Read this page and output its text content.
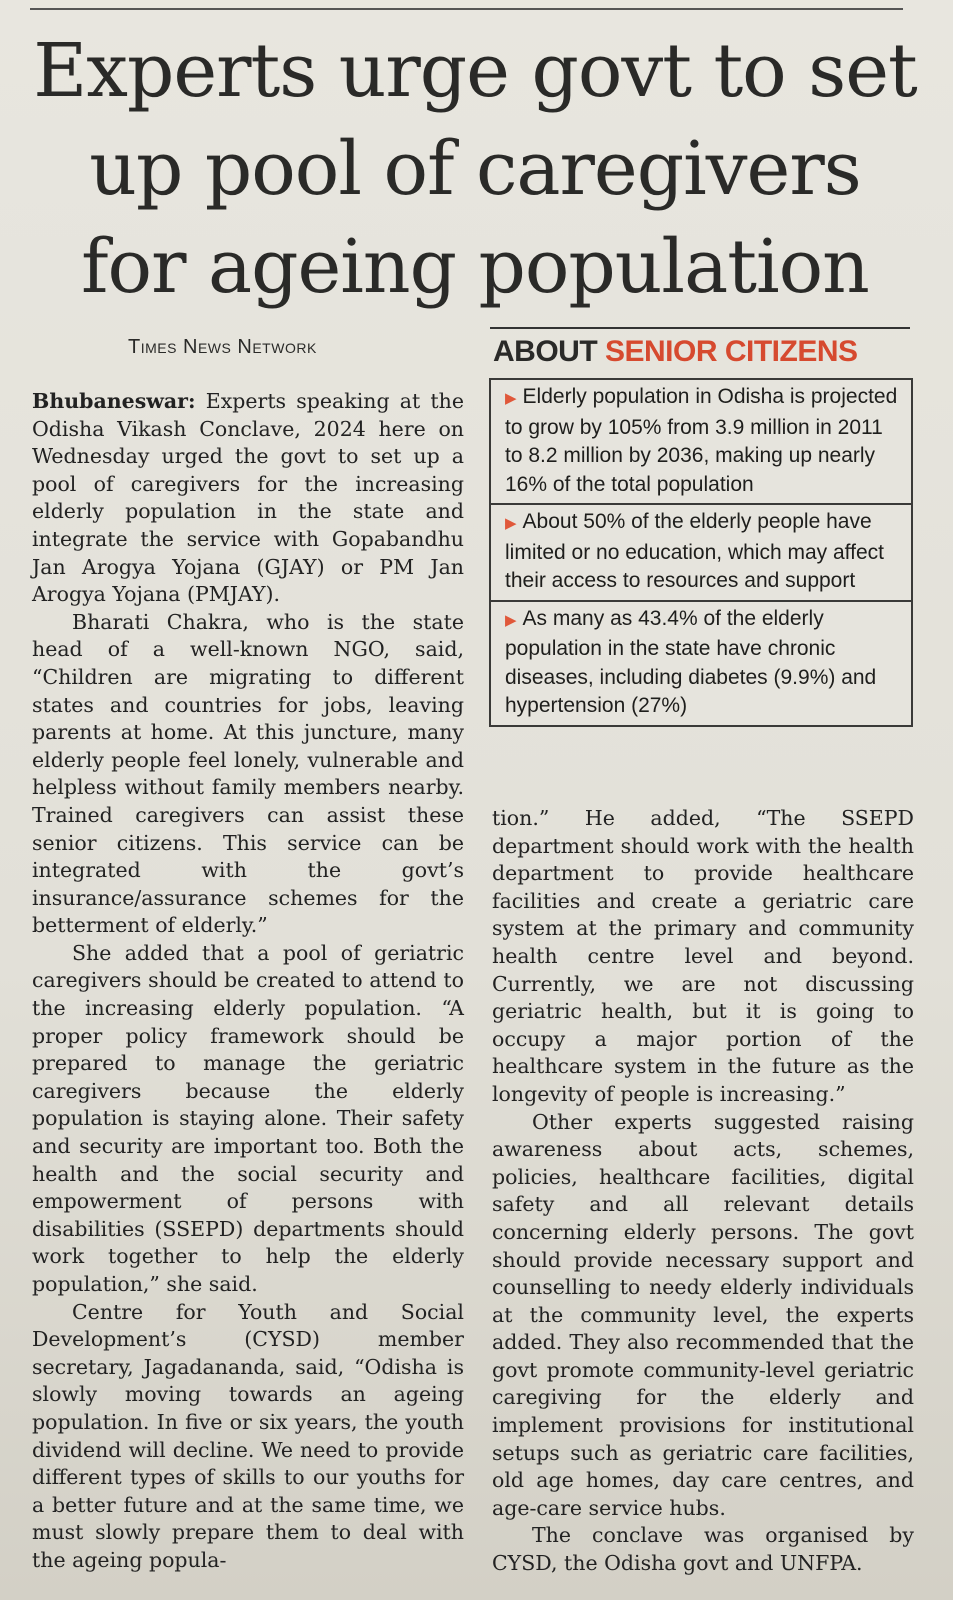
Experts urge govt to set
up pool of caregivers
for ageing population
Times News Network	ABOUT SENIOR CITIZENS
▶ Elderly population in Odisha is projected to grow by 105% from 3.9 million in 2011 to 8.2 million by 2036, making up nearly 16% of the total population
▶ About 50% of the elderly people have limited or no education, which may affect their access to resources and support
▶ As many as 43.4% of the elderly population in the state have chronic diseases, including diabetes (9.9%) and hypertension (27%)

Bhubaneswar: Experts speaking at the Odisha Vikash Conclave, 2024 here on Wednesday urged the govt to set up a pool of caregivers for the increasing elderly population in the state and integrate the service with Gopabandhu Jan Arogya Yojana (GJAY) or PM Jan Arogya Yojana (PMJAY).

Bharati Chakra, who is the state head of a well-known NGO, said, “Children are migrating to different states and countries for jobs, leaving parents at home. At this juncture, many elderly people feel lonely, vulnerable and helpless without family members nearby. Trained caregivers can assist these senior citizens. This service can be integrated with the govt’s insurance/assurance schemes for the betterment of elderly.”

She added that a pool of geriatric caregivers should be created to attend to the increasing elderly population. “A proper policy framework should be prepared to manage the geriatric caregivers because the elderly population is staying alone. Their safety and security are important too. Both the health and the social security and empowerment of persons with disabilities (SSEPD) departments should work together to help the elderly population,” she said.

Centre for Youth and Social Development’s (CYSD) member secretary, Jagadananda, said, “Odisha is slowly moving towards an ageing population. In five or six years, the youth dividend will decline. We need to provide different types of skills to our youths for a better future and at the same time, we must slowly prepare them to deal with the ageing popula-

tion.” He added, “The SSEPD department should work with the health department to provide healthcare facilities and create a geriatric care system at the primary and community health centre level and beyond. Currently, we are not discussing geriatric health, but it is going to occupy a major portion of the healthcare system in the future as the longevity of people is increasing.”

Other experts suggested raising awareness about acts, schemes, policies, healthcare facilities, digital safety and all relevant details concerning elderly persons. The govt should provide necessary support and counselling to needy elderly individuals at the community level, the experts added. They also recommended that the govt promote community-level geriatric caregiving for the elderly and implement provisions for institutional setups such as geriatric care facilities, old age homes, day care centres, and age-care service hubs.

The conclave was organised by CYSD, the Odisha govt and UNFPA.
